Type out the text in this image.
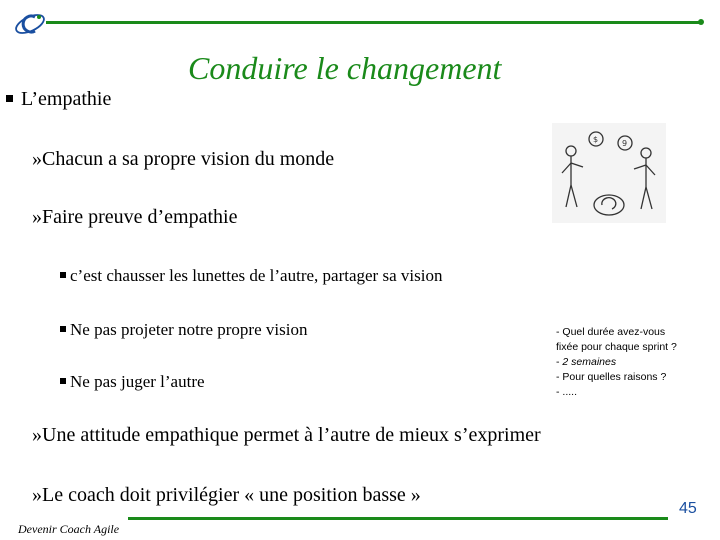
Conduire le changement
L’empathie
»Chacun a sa propre vision du monde
»Faire preuve d’empathie
c’est chausser les lunettes de l’autre, partager sa vision
Ne pas projeter notre propre vision
Ne pas juger l’autre
- Quel durée avez-vous
fixée pour chaque sprint ?
- 2 semaines
- Pour quelles raisons ?
- .....
$	9
»Une attitude empathique permet à l’autre de mieux s’exprimer
»Le coach doit privilégier « une position basse »
Devenir Coach Agile
45
